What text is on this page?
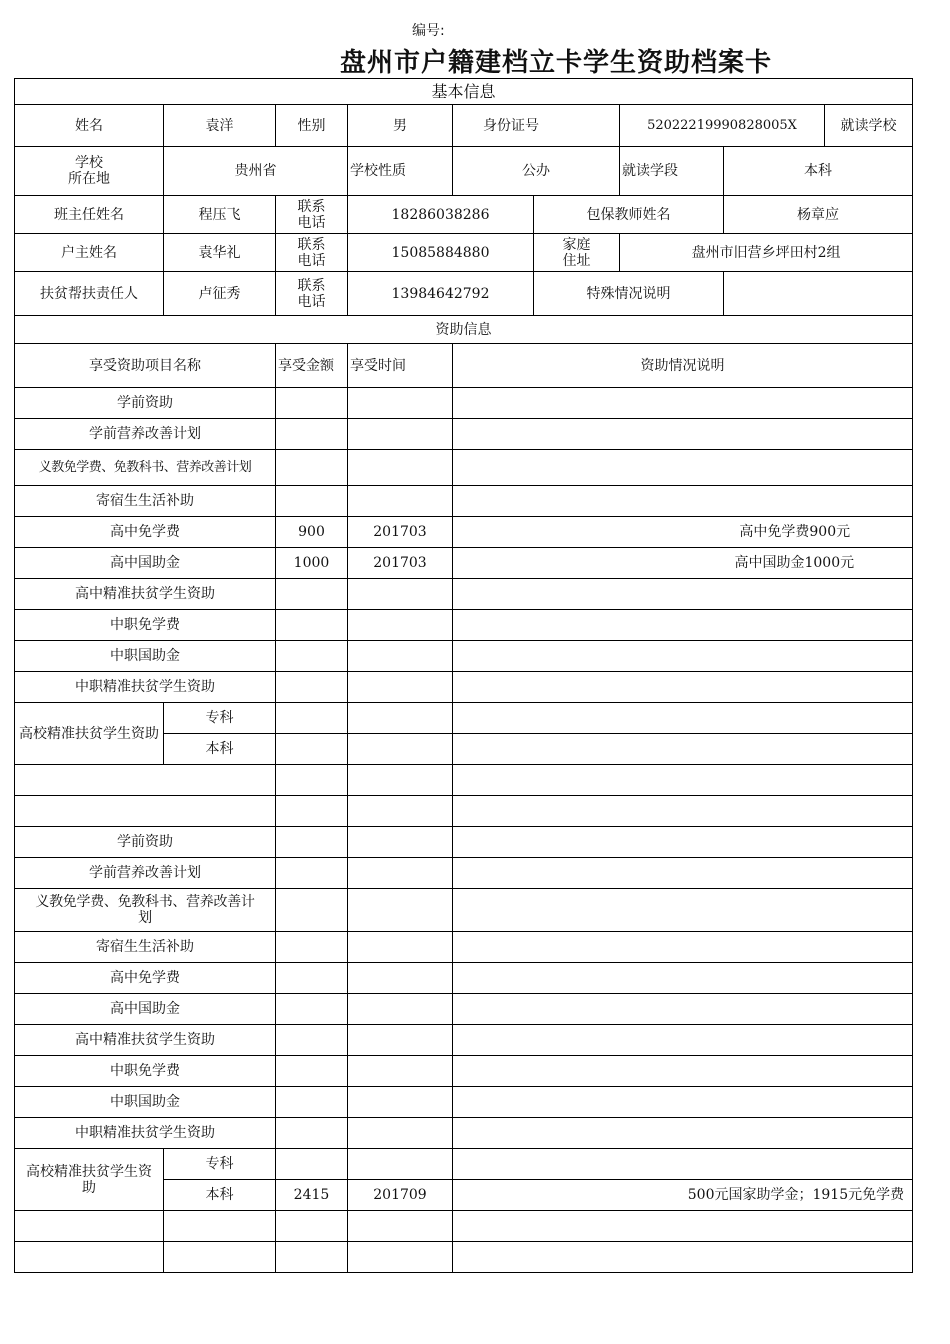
编号:
盘州市户籍建档立卡学生资助档案卡
基本信息								
姓名	袁洋	性别	男	身份证号		52022219990828005X		就读学校
学校
所在地	贵州省		学校性质	公办		就读学段	本科	
班主任姓名	程压飞	联系
电话	18286038286		包保教师姓名		杨章应	
户主姓名	袁华礼	联系
电话	15085884880		家庭
住址	盘州市旧营乡坪田村2组		
扶贫帮扶责任人	卢征秀	联系
电话	13984642792		特殊情况说明			
资助信息								
享受资助项目名称		享受金额	享受时间	资助情况说明				
学前资助								
学前营养改善计划								
义教免学费、免教科书、营养改善计划								
寄宿生生活补助								
高中免学费		900	201703	高中免学费900元				
高中国助金		1000	201703	高中国助金1000元				
高中精准扶贫学生资助								
中职免学费								
中职国助金								
中职精准扶贫学生资助								
高校精准扶贫学生资助	专科							
	本科							

学前资助								
学前营养改善计划								
义教免学费、免教科书、营养改善计
划								
寄宿生生活补助								
高中免学费								
高中国助金								
高中精准扶贫学生资助								
中职免学费								
中职国助金								
中职精准扶贫学生资助								
高校精准扶贫学生资
助	专科							
	本科	2415	201709	500元国家助学金；1915元免学费				
